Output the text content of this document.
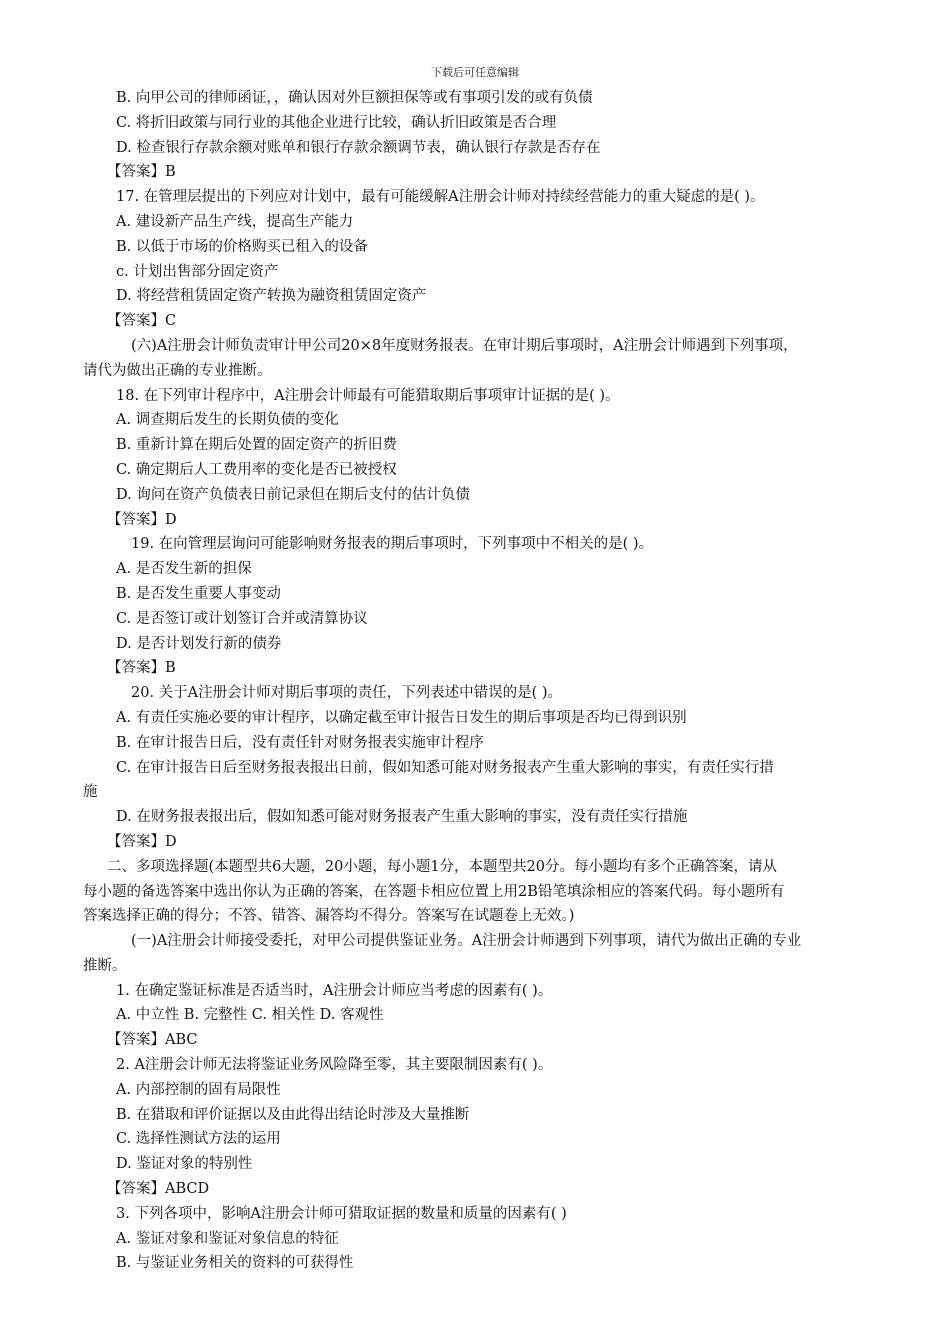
下载后可任意编辑

B. 向甲公司的律师函证，，确认因对外巨额担保等或有事项引发的或有负债

C. 将折旧政策与同行业的其他企业进行比较，确认折旧政策是否合理

D. 检查银行存款余额对账单和银行存款余额调节表，确认银行存款是否存在

【答案】B

17. 在管理层提出的下列应对计划中，最有可能缓解A注册会计师对持续经营能力的重大疑虑的是( )。

A. 建设新产品生产线，提高生产能力

B. 以低于市场的价格购买已租入的设备

c. 计划出售部分固定资产

D. 将经营租赁固定资产转换为融资租赁固定资产

【答案】C

(六)A注册会计师负责审计甲公司20×8年度财务报表。在审计期后事项时，A注册会计师遇到下列事项，

请代为做出正确的专业推断。

18. 在下列审计程序中，A注册会计师最有可能猎取期后事项审计证据的是( )。

A. 调查期后发生的长期负债的变化

B. 重新计算在期后处置的固定资产的折旧费

C. 确定期后人工费用率的变化是否已被授权

D. 询问在资产负债表日前记录但在期后支付的估计负债

【答案】D

19. 在向管理层询问可能影响财务报表的期后事项时，下列事项中不相关的是( )。

A. 是否发生新的担保

B. 是否发生重要人事变动

C. 是否签订或计划签订合并或清算协议

D. 是否计划发行新的债券

【答案】B

20. 关于A注册会计师对期后事项的责任，下列表述中错误的是( )。

A. 有责任实施必要的审计程序，以确定截至审计报告日发生的期后事项是否均已得到识别

B. 在审计报告日后，没有责任针对财务报表实施审计程序

C. 在审计报告日后至财务报表报出日前，假如知悉可能对财务报表产生重大影响的事实，有责任实行措

施

D. 在财务报表报出后，假如知悉可能对财务报表产生重大影响的事实，没有责任实行措施

【答案】D

二、多项选择题(本题型共6大题，20小题，每小题1分，本题型共20分。每小题均有多个正确答案，请从

每小题的备选答案中选出你认为正确的答案，在答题卡相应位置上用2B铅笔填涂相应的答案代码。每小题所有

答案选择正确的得分；不答、错答、漏答均不得分。答案写在试题卷上无效。)

(一)A注册会计师接受委托，对甲公司提供鉴证业务。A注册会计师遇到下列事项，请代为做出正确的专业

推断。

1. 在确定鉴证标准是否适当时，A注册会计师应当考虑的因素有( )。

A. 中立性 B. 完整性 C. 相关性 D. 客观性

【答案】ABC

2. A注册会计师无法将鉴证业务风险降至零，其主要限制因素有( )。

A. 内部控制的固有局限性

B. 在猎取和评价证据以及由此得出结论时涉及大量推断

C. 选择性测试方法的运用

D. 鉴证对象的特别性

【答案】ABCD

3. 下列各项中，影响A注册会计师可猎取证据的数量和质量的因素有( )

A. 鉴证对象和鉴证对象信息的特征

B. 与鉴证业务相关的资料的可获得性
